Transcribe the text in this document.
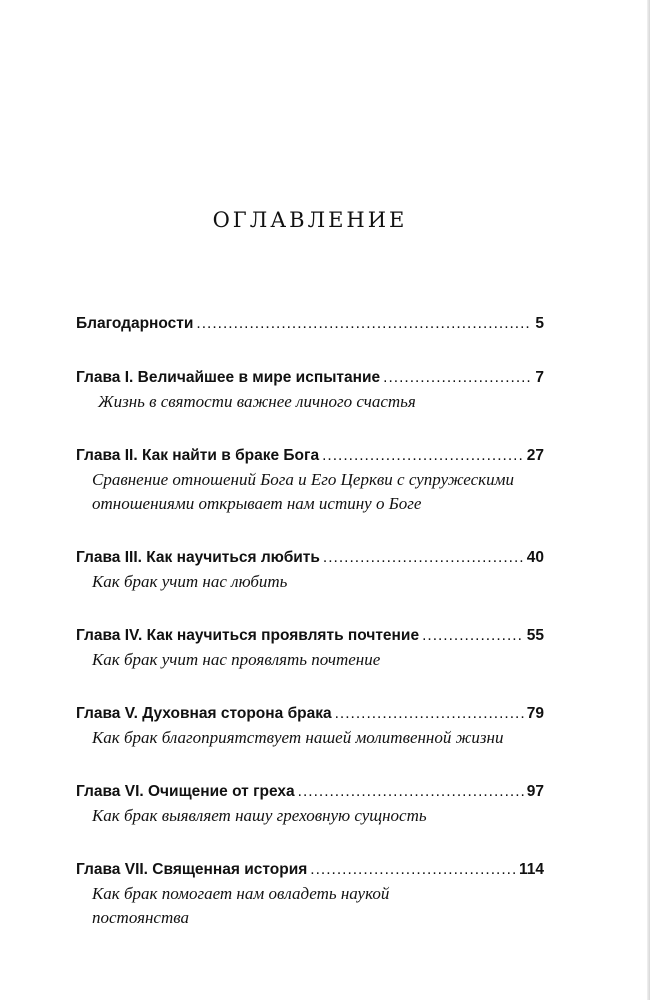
ОГЛАВЛЕНИЕ
Благодарности .....	5
Глава I. Величайшее в мире испытание .....	7
Жизнь в святости важнее личного счастья
Глава II. Как найти в браке Бога .....	27
Сравнение отношений Бога и Его Церкви с супружескими отношениями открывает нам истину о Боге
Глава III. Как научиться любить .....	40
Как брак учит нас любить
Глава IV. Как научиться проявлять почтение .....	55
Как брак учит нас проявлять почтение
Глава V. Духовная сторона брака .....	79
Как брак благоприятствует нашей молитвенной жизни
Глава VI. Очищение от греха .....	97
Как брак выявляет нашу греховную сущность
Глава VII. Священная история .....	114
Как брак помогает нам овладеть наукой постоянства
